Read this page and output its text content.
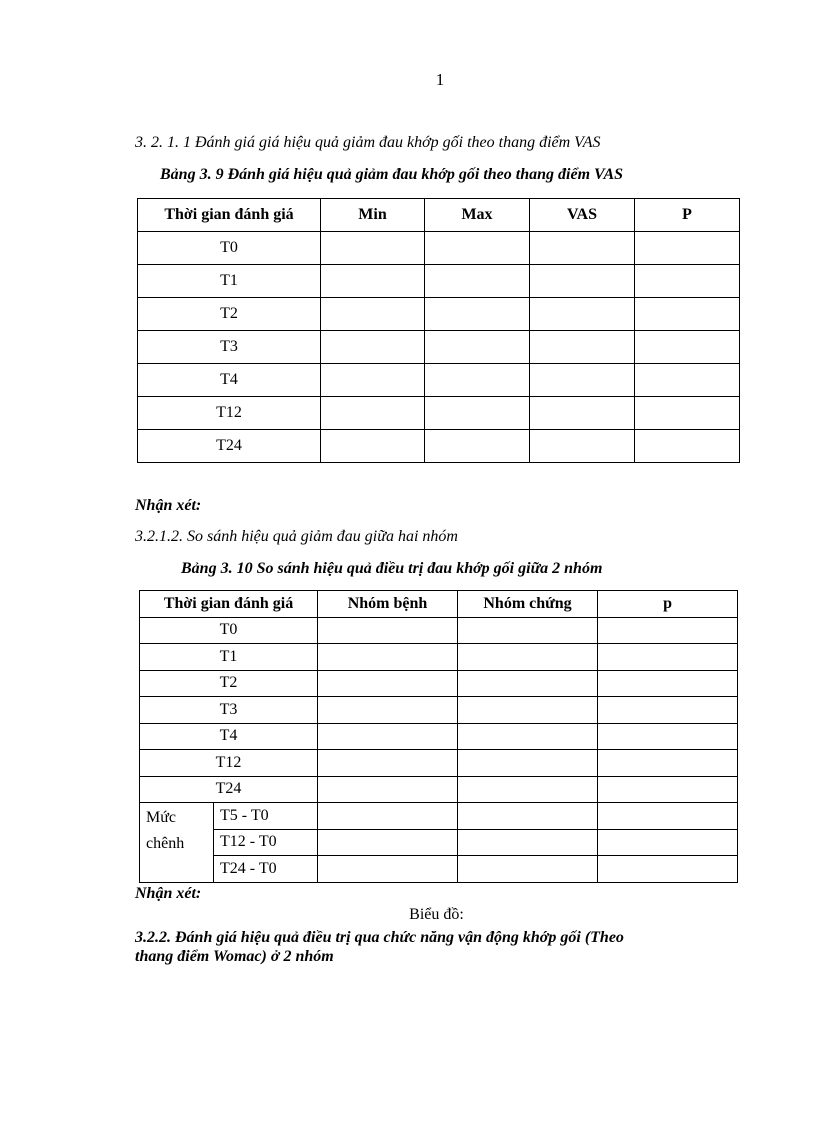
1
3. 2. 1. 1 Đánh giá giá hiệu quả giảm đau khớp gối theo thang điểm VAS
Bảng 3. 9 Đánh giá hiệu quả giảm đau khớp gối theo thang điểm VAS
Thời gian đánh giá	Min	Max	VAS	P
T0				
T1				
T2				
T3				
T4				
T12				
T24				
Nhận xét:
3.2.1.2. So sánh hiệu quả giảm đau giữa hai nhóm
Bảng 3. 10 So sánh hiệu quả điều trị đau khớp gối giữa 2 nhóm
Thời gian đánh giá		Nhóm bệnh	Nhóm chứng	p
T0				
T1				
T2				
T3				
T4				
T12				
T24				
Mức chênh	T5 - T0			
	T12 - T0			
	T24 - T0			
Nhận xét:
Biểu đồ:
3.2.2. Đánh giá hiệu quả điều trị qua chức năng vận động khớp gối (Theo
thang điểm Womac) ở 2 nhóm
